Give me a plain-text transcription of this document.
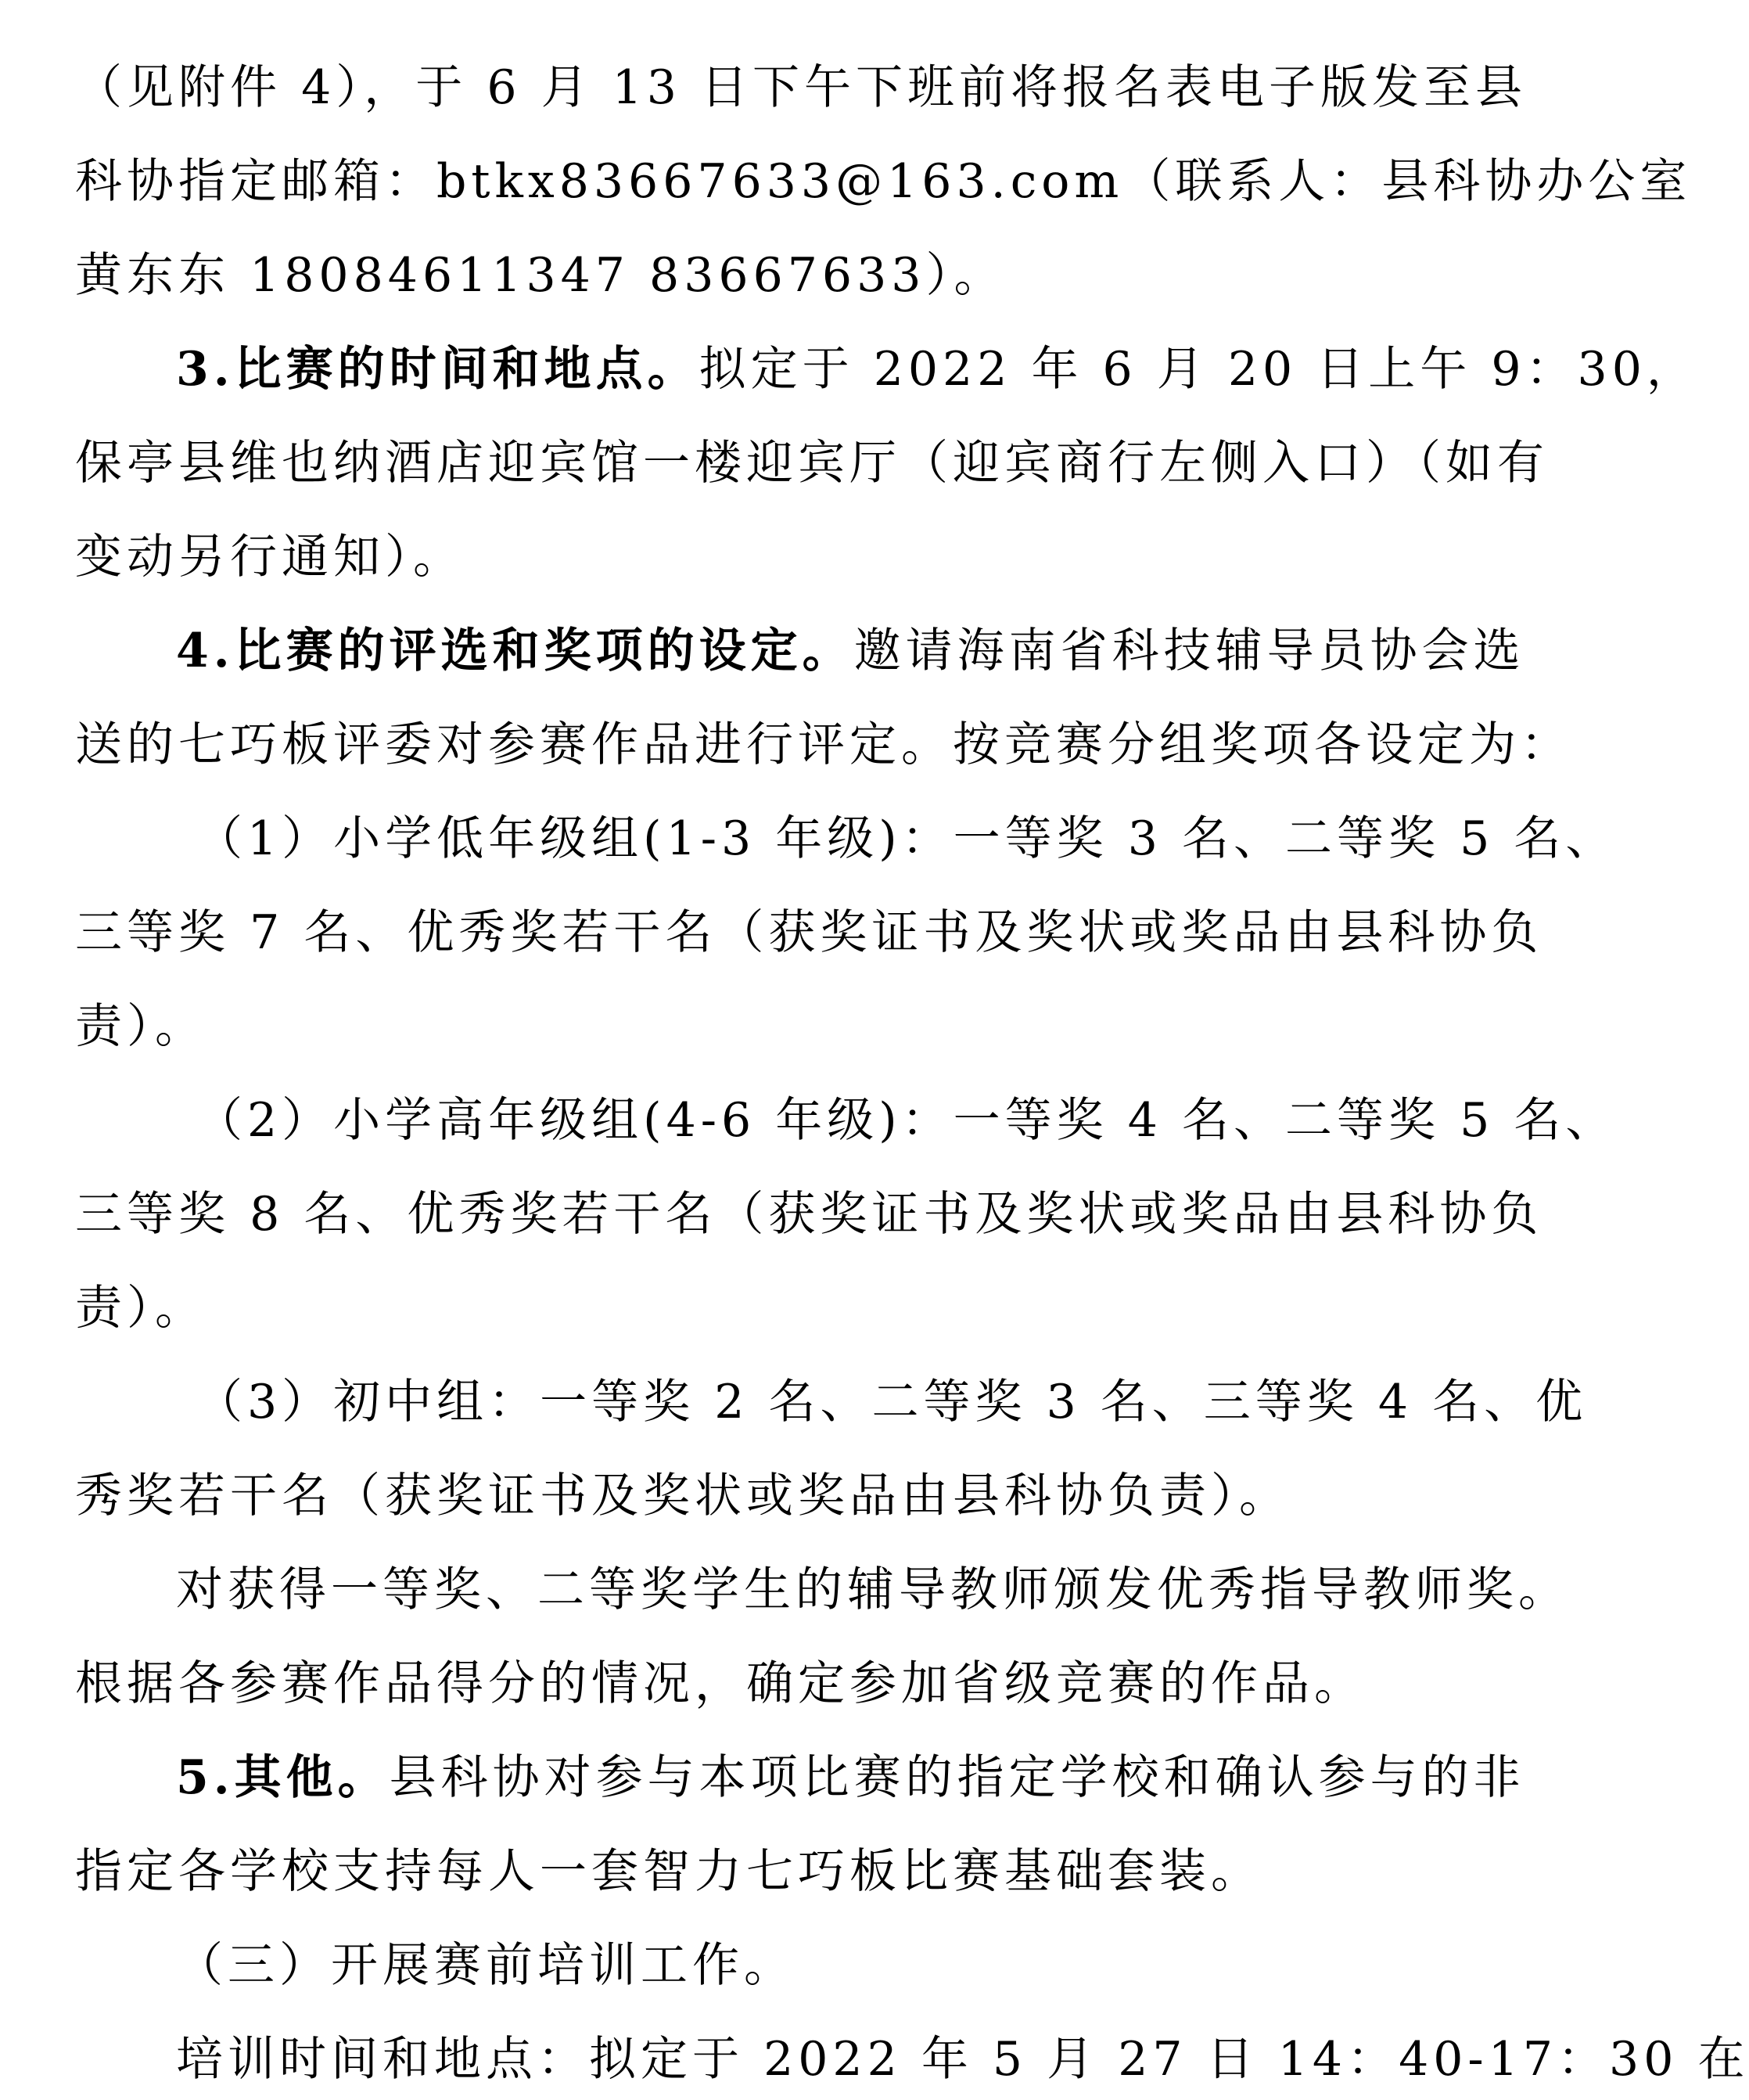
（见附件 4），于 6 月 13 日下午下班前将报名表电子版发至县
科协指定邮箱：btkx83667633@163.com（联系人：县科协办公室
黄东东 18084611347 83667633）。
3.比赛的时间和地点。拟定于 2022 年 6 月 20 日上午 9：30，
保亭县维也纳酒店迎宾馆一楼迎宾厅（迎宾商行左侧入口）（如有
变动另行通知）。
4.比赛的评选和奖项的设定。邀请海南省科技辅导员协会选
送的七巧板评委对参赛作品进行评定。按竞赛分组奖项各设定为：
（1）小学低年级组(1-3 年级)：一等奖 3 名、二等奖 5 名、
三等奖 7 名、优秀奖若干名（获奖证书及奖状或奖品由县科协负
责）。
（2）小学高年级组(4-6 年级)：一等奖 4 名、二等奖 5 名、
三等奖 8 名、优秀奖若干名（获奖证书及奖状或奖品由县科协负
责）。
（3）初中组：一等奖 2 名、二等奖 3 名、三等奖 4 名、优
秀奖若干名（获奖证书及奖状或奖品由县科协负责）。
对获得一等奖、二等奖学生的辅导教师颁发优秀指导教师奖。
根据各参赛作品得分的情况，确定参加省级竞赛的作品。
5.其他。县科协对参与本项比赛的指定学校和确认参与的非
指定各学校支持每人一套智力七巧板比赛基础套装。
（三）开展赛前培训工作。
培训时间和地点：拟定于 2022 年 5 月 27 日 14：40-17：30 在
